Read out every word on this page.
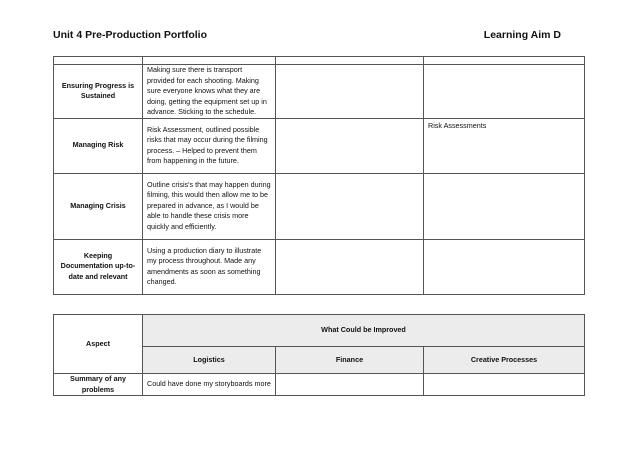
Unit 4 Pre-Production Portfolio	Learning Aim D

Ensuring Progress is Sustained	Making sure there is transport provided for each shooting. Making sure everyone knows what they are doing, getting the equipment set up in advance. Sticking to the schedule.		
Managing Risk	Risk Assessment, outlined possible risks that may occur during the filming process. – Helped to prevent them from happening in the future.		Risk Assessments
Managing Crisis	Outline crisis's that may happen during filming, this would then allow me to be prepared in advance, as I would be able to handle these crisis more quickly and efficiently.		
Keeping Documentation up-to-date and relevant	Using a production diary to illustrate my process throughout. Made any amendments as soon as something changed.		
Aspect	What Could be Improved		
	Logistics	Finance	Creative Processes
Summary of any problems	Could have done my storyboards more		
